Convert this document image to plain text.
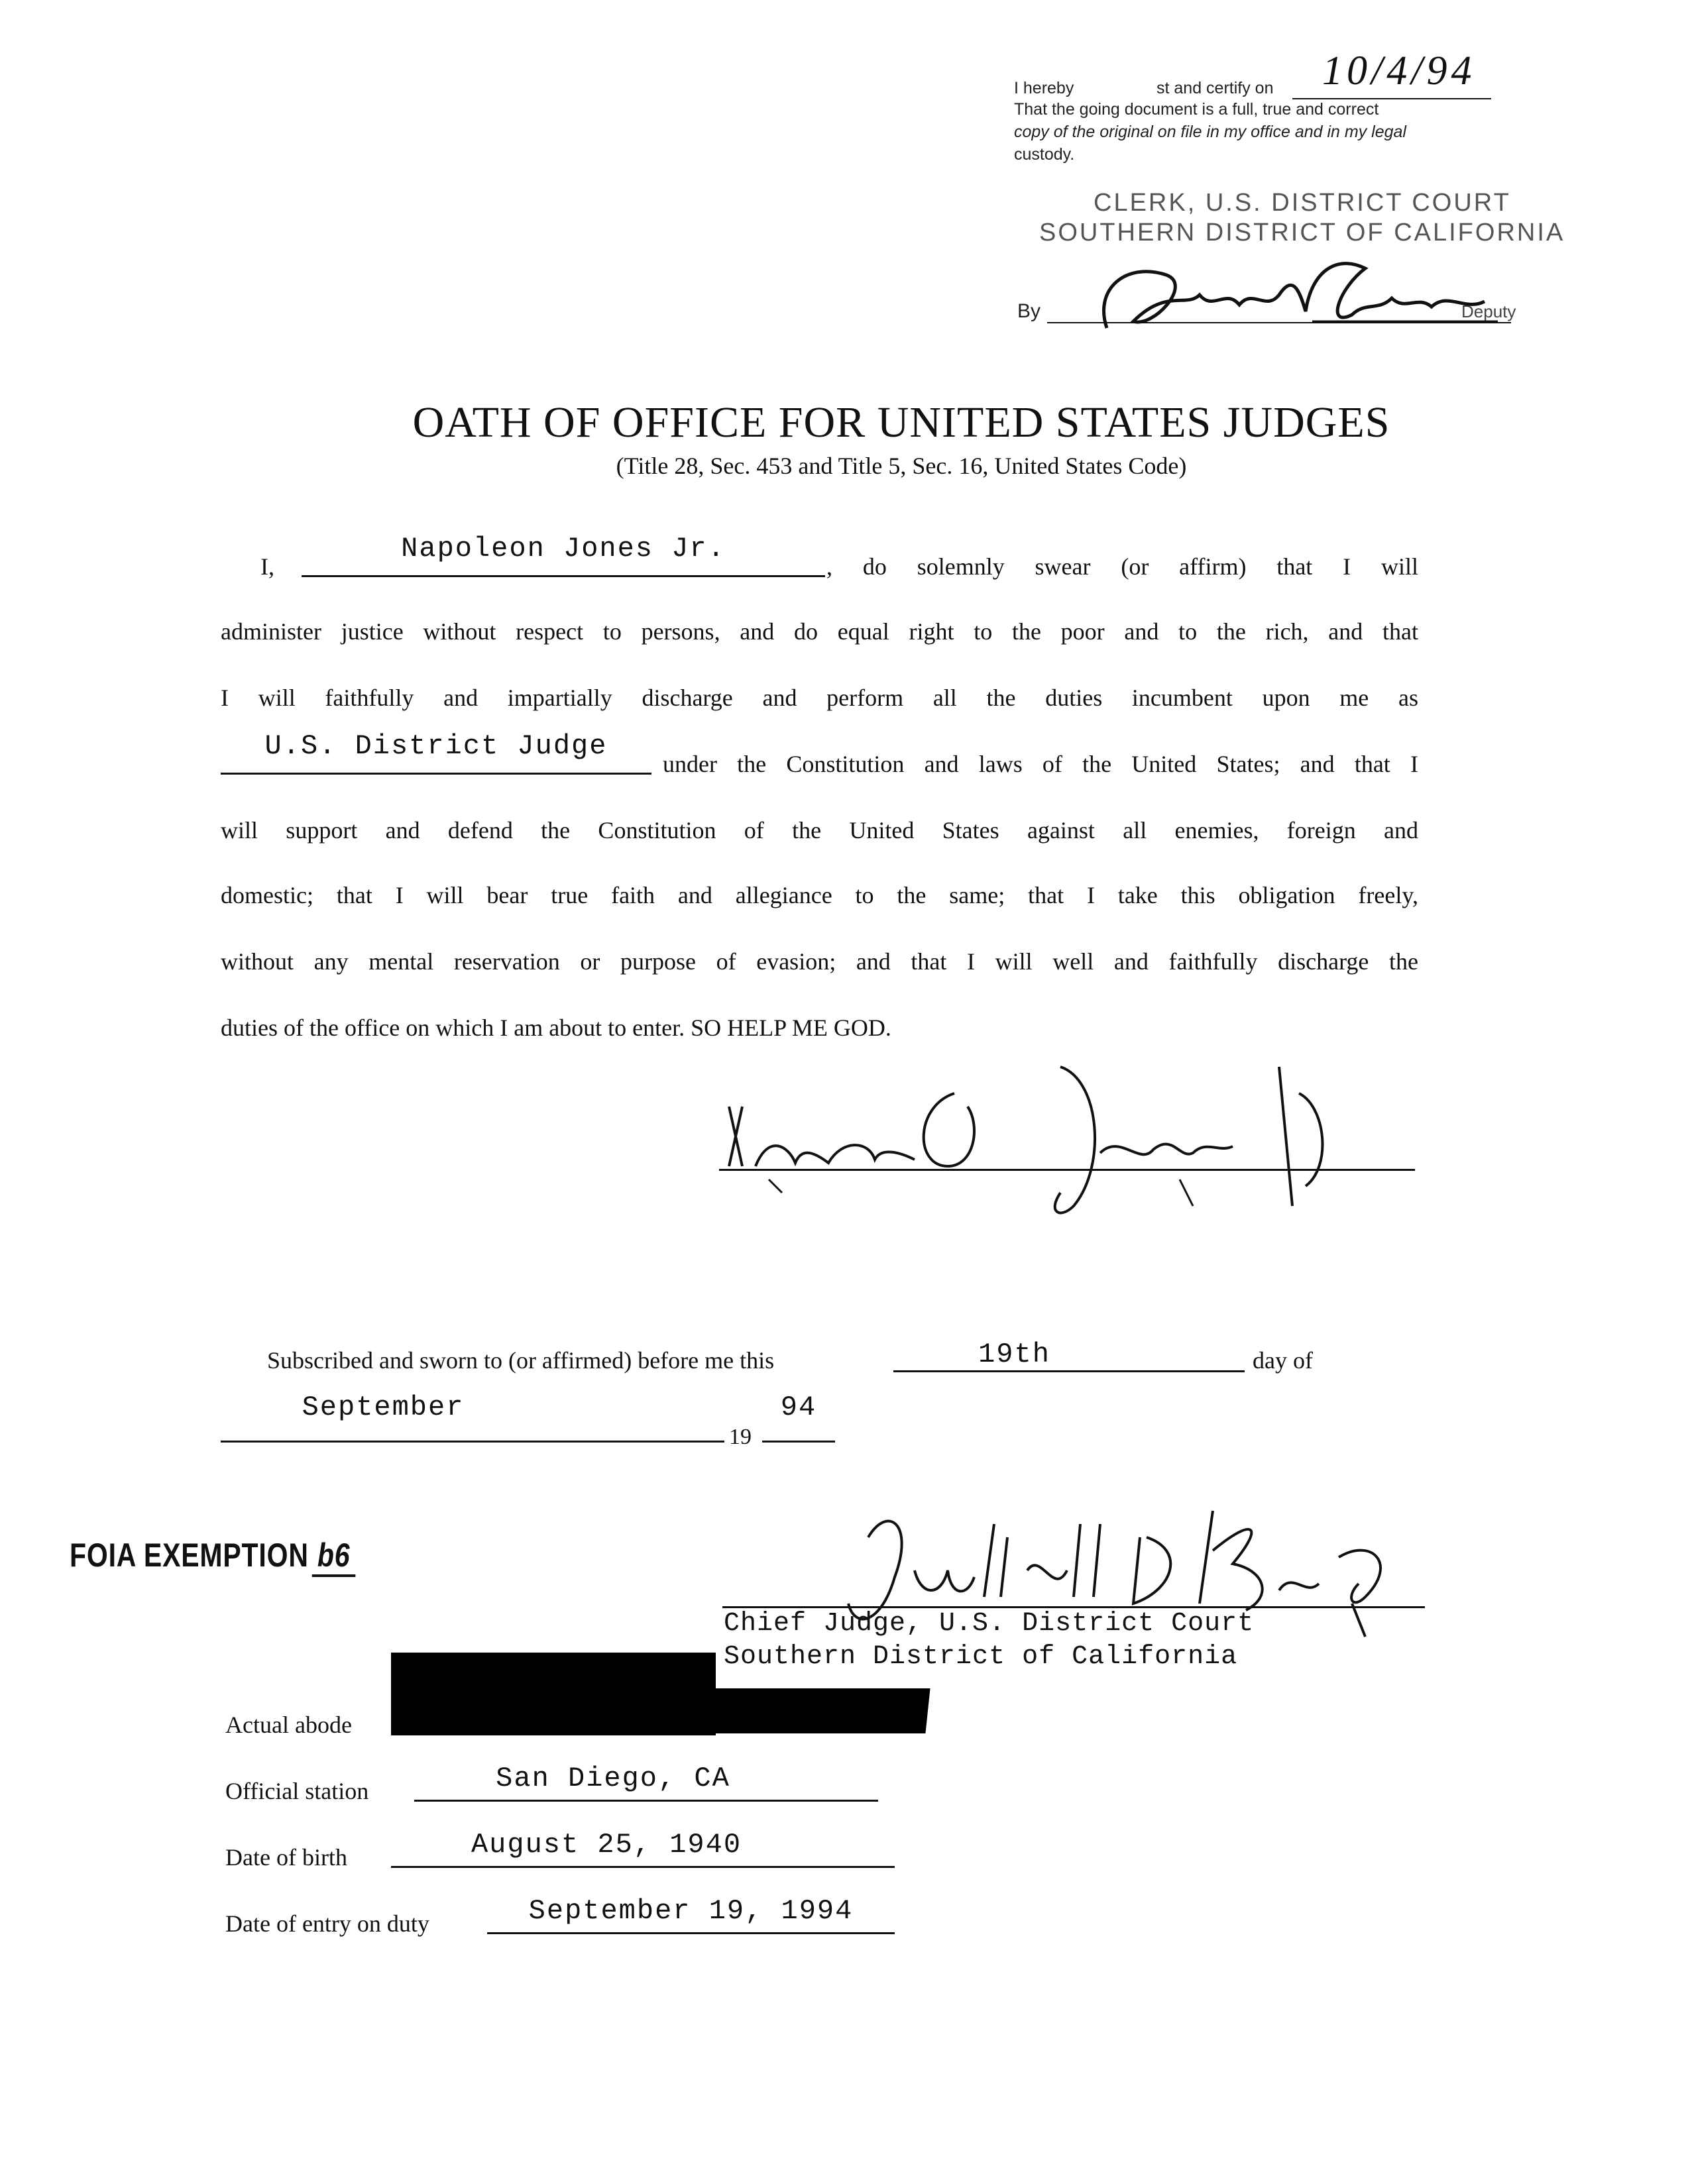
I hereby	st and certify on 10/4/94
That the going document is a full, true and correct
copy of the original on file in my office and in my legal
custody.
CLERK, U.S. DISTRICT COURT
SOUTHERN DISTRICT OF CALIFORNIA
By	Deputy
OATH OF OFFICE FOR UNITED STATES JUDGES
(Title 28, Sec. 453 and Title 5, Sec. 16, United States Code)
I,
Napoleon Jones Jr.
, do solemnly swear (or affirm) that I will
administer justice without respect to persons, and do equal right to the poor and to the rich, and that
I will faithfully and impartially discharge and perform all the duties incumbent upon me as
U.S. District Judge
under the Constitution and laws of the United States; and that I
will support and defend the Constitution of the United States against all enemies, foreign and
domestic; that I will bear true faith and allegiance to the same; that I take this obligation freely,
without any mental reservation or purpose of evasion; and that I will well and faithfully discharge the
duties of the office on which I am about to enter. SO HELP ME GOD.
Subscribed and sworn to (or affirmed) before me this	19th	day of
September
19
94
FOIA EXEMPTION b6
Chief Judge, U.S. District Court
Southern District of California
Actual abode
Official station	San Diego, CA
Date of birth	August 25, 1940
Date of entry on duty	September 19, 1994
